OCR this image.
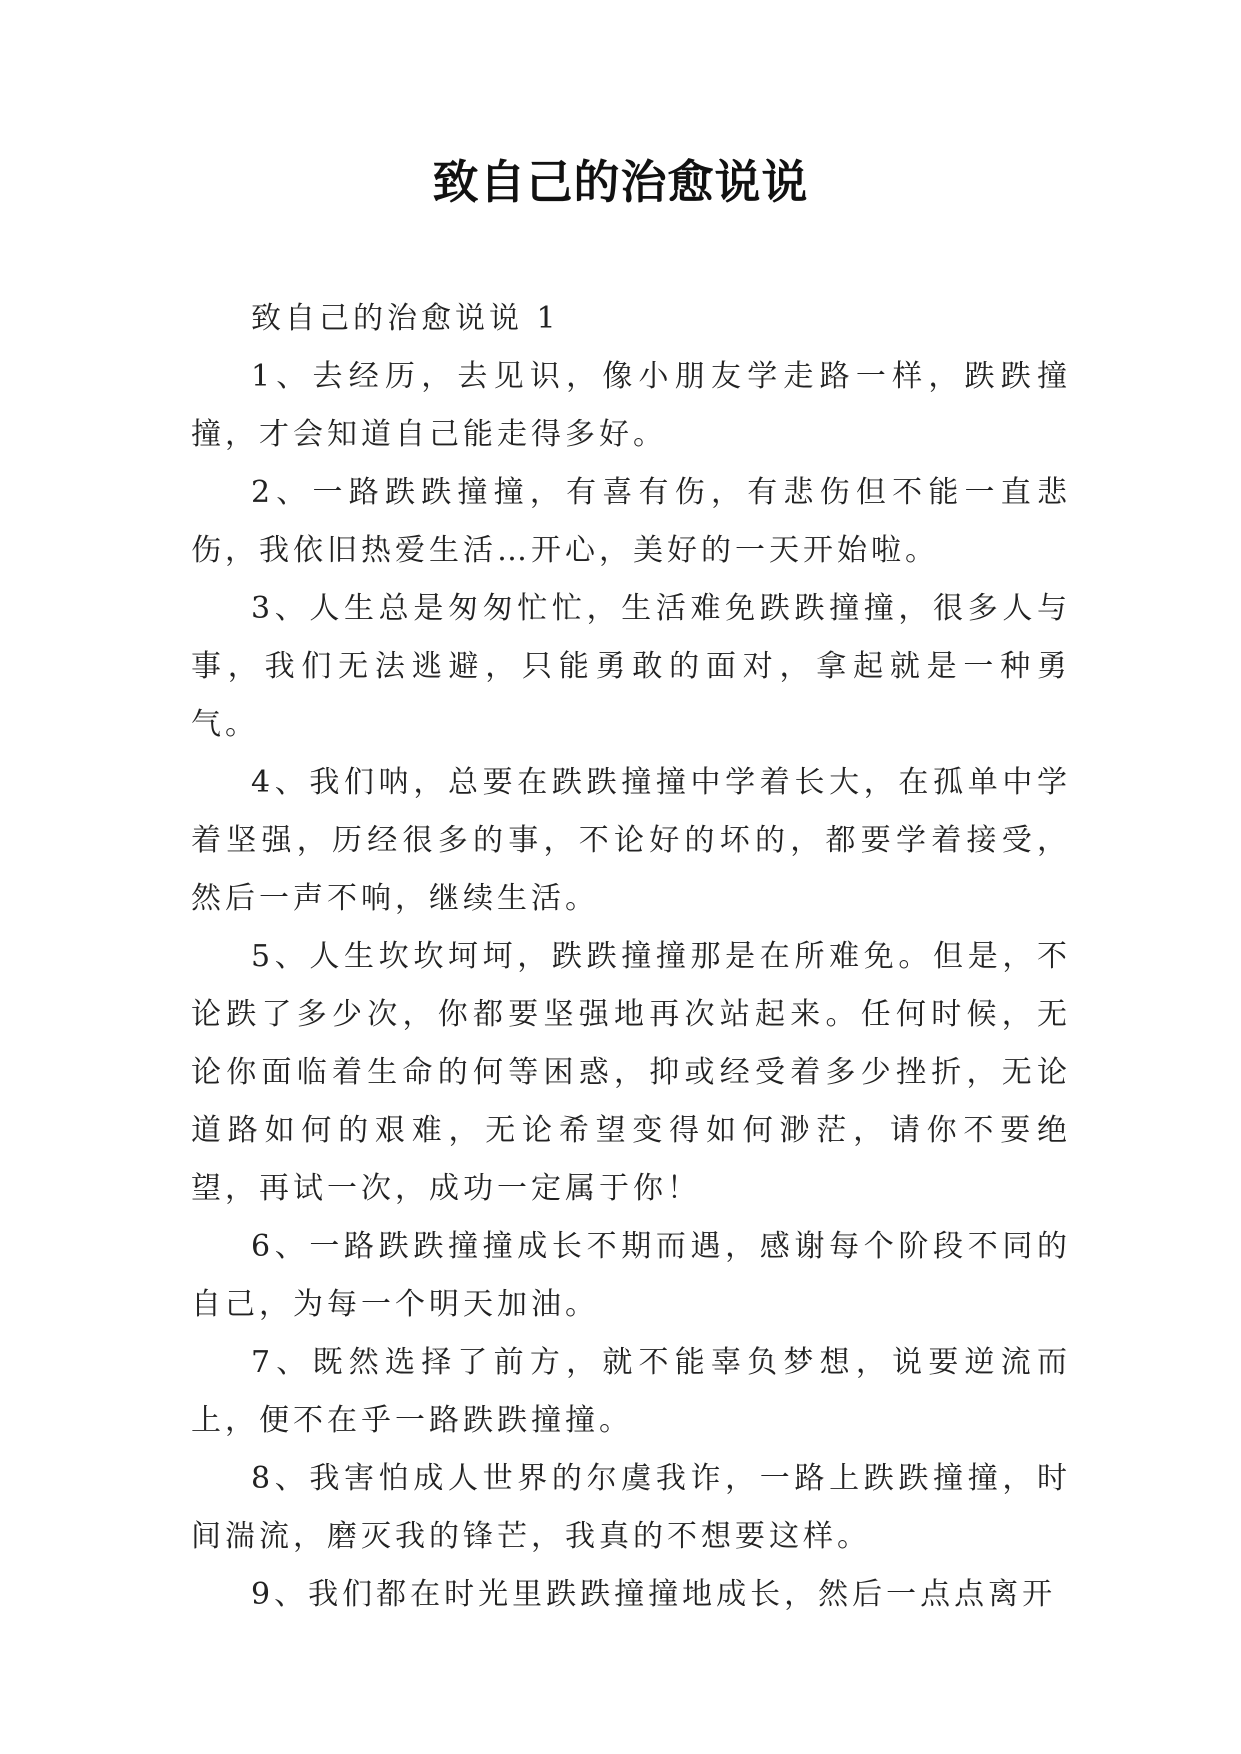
致自己的治愈说说

致自己的治愈说说 1

1、去经历，去见识，像小朋友学走路一样，跌跌撞撞，才会知道自己能走得多好。

2、一路跌跌撞撞，有喜有伤，有悲伤但不能一直悲伤，我依旧热爱生活…开心，美好的一天开始啦。

3、人生总是匆匆忙忙，生活难免跌跌撞撞，很多人与事，我们无法逃避，只能勇敢的面对，拿起就是一种勇气。

4、我们呐，总要在跌跌撞撞中学着长大，在孤单中学着坚强，历经很多的事，不论好的坏的，都要学着接受，然后一声不响，继续生活。

5、人生坎坎坷坷，跌跌撞撞那是在所难免。但是，不论跌了多少次，你都要坚强地再次站起来。任何时候，无论你面临着生命的何等困惑，抑或经受着多少挫折，无论道路如何的艰难，无论希望变得如何渺茫，请你不要绝望，再试一次，成功一定属于你！

6、一路跌跌撞撞成长不期而遇，感谢每个阶段不同的自己，为每一个明天加油。

7、既然选择了前方，就不能辜负梦想，说要逆流而上，便不在乎一路跌跌撞撞。

8、我害怕成人世界的尔虞我诈，一路上跌跌撞撞，时间湍流，磨灭我的锋芒，我真的不想要这样。

9、我们都在时光里跌跌撞撞地成长，然后一点点离开
